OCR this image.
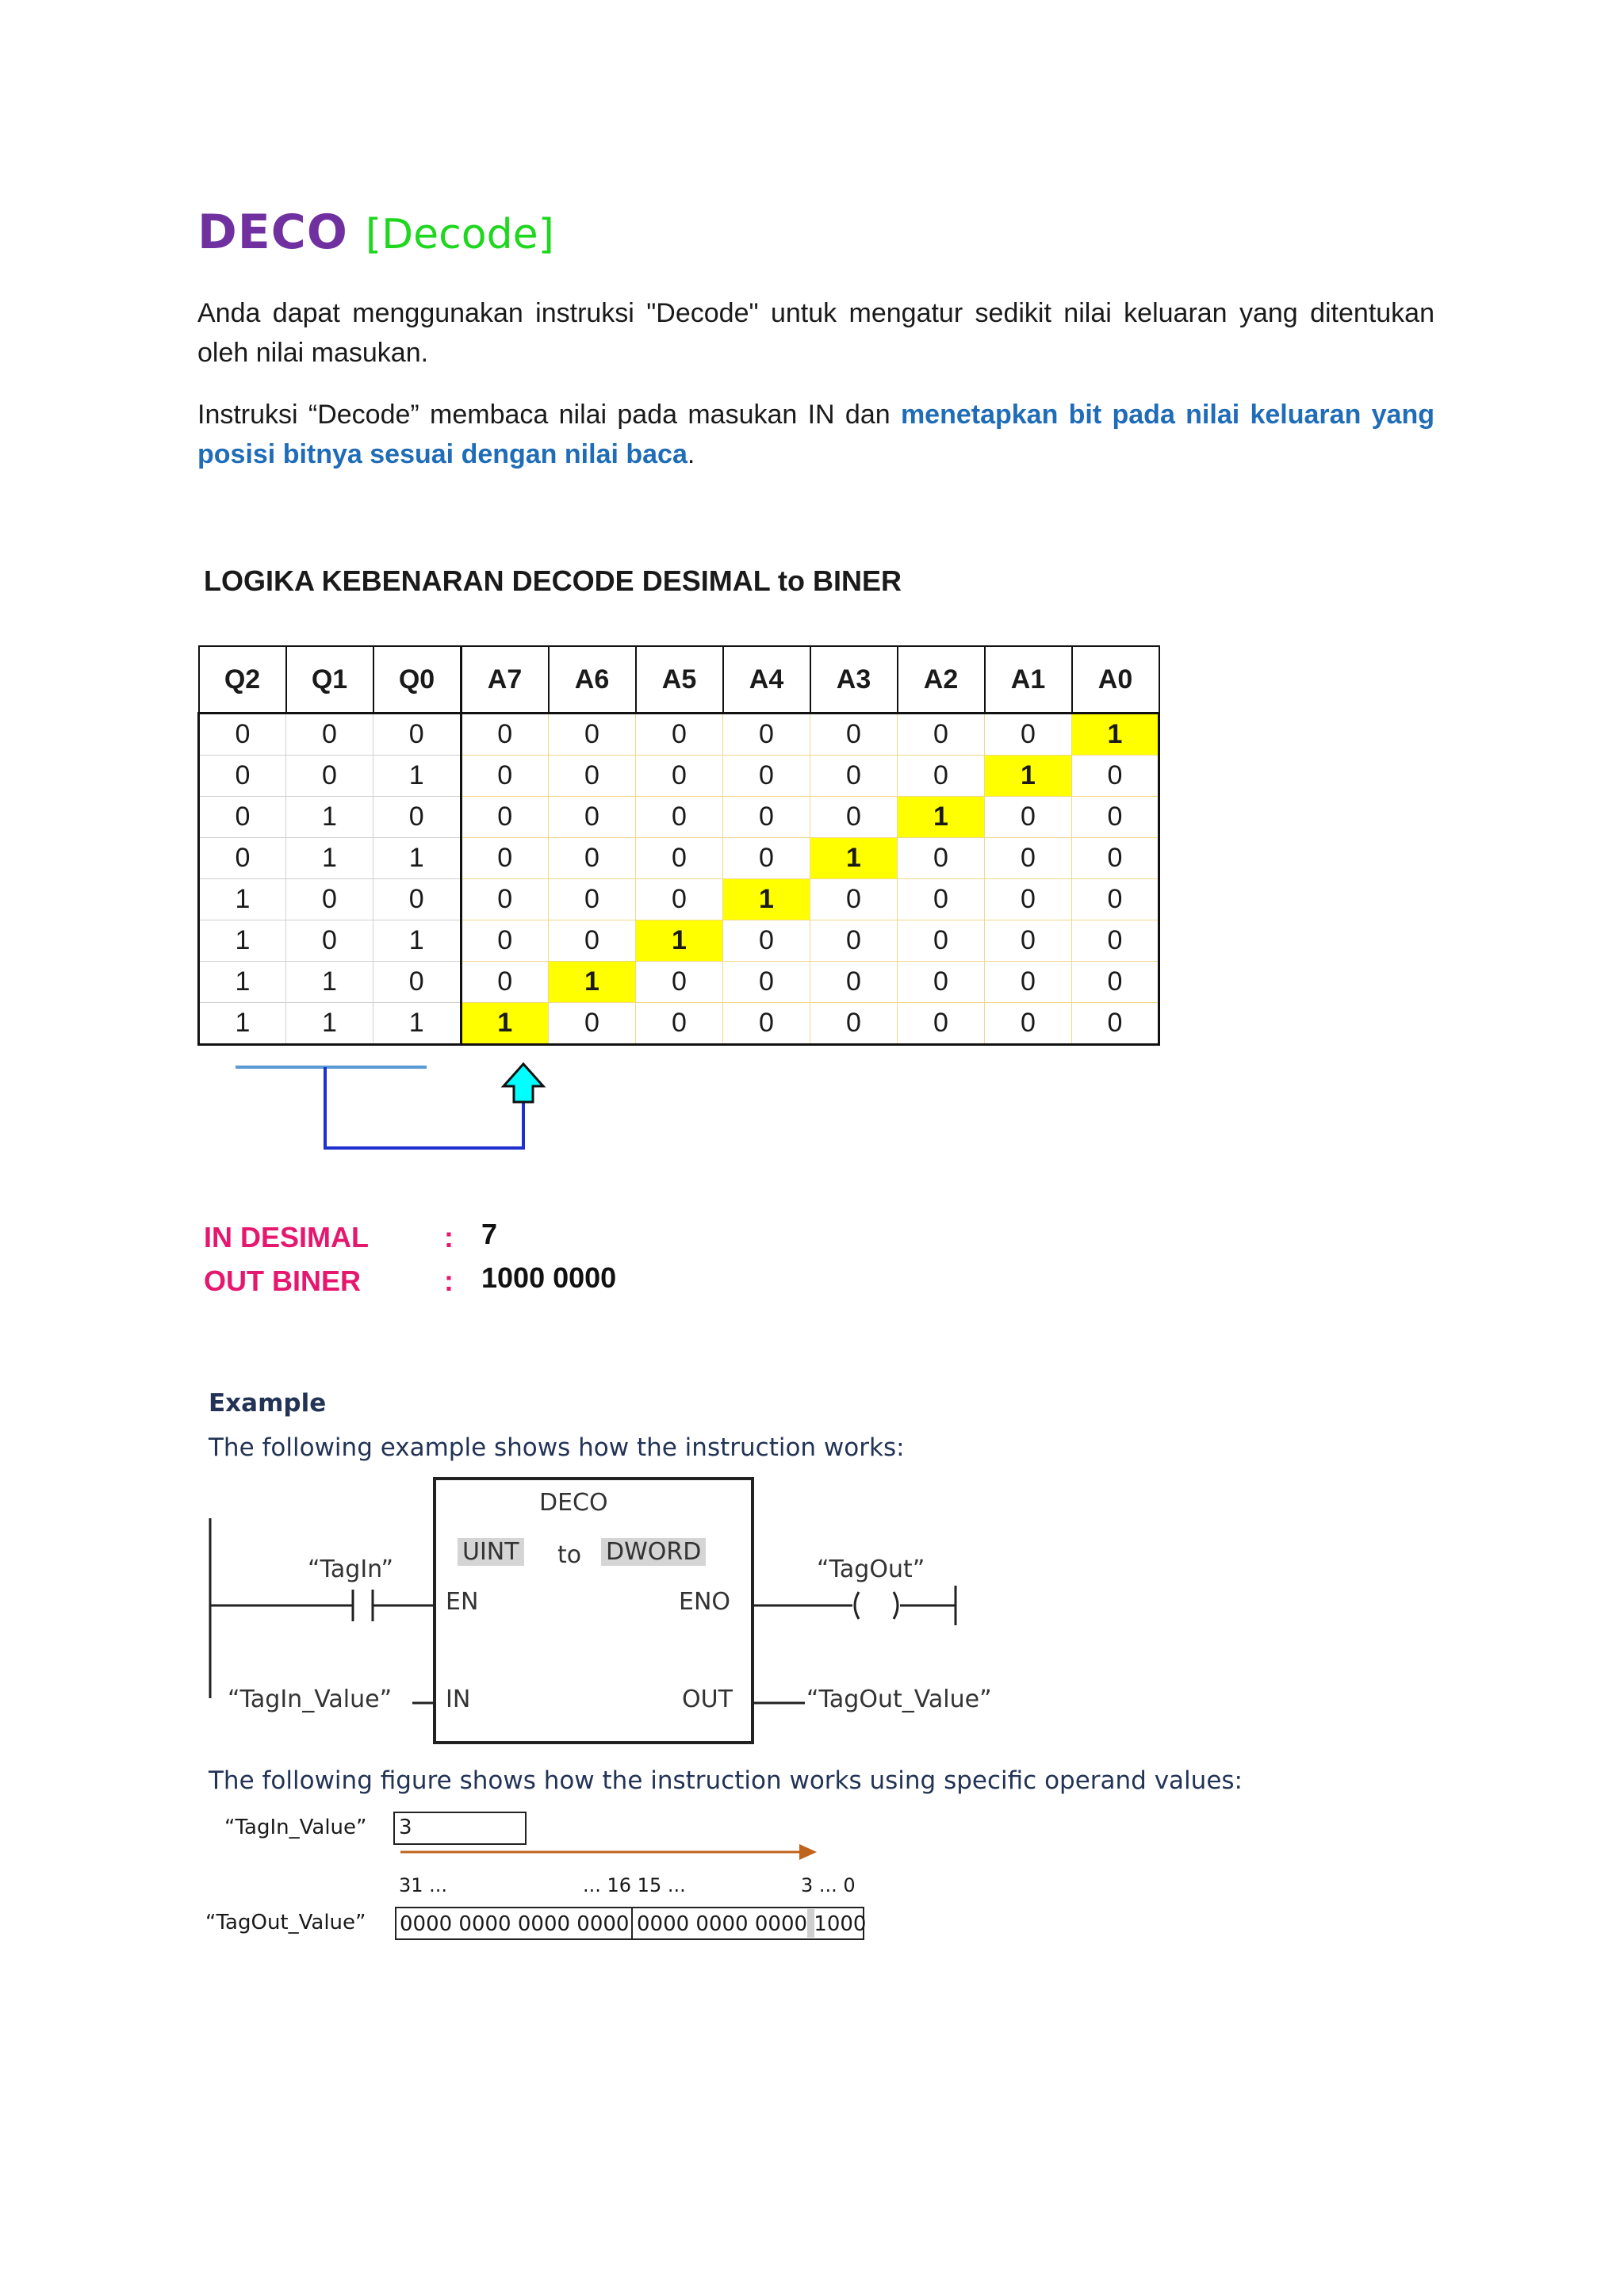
DECO [Decode]
Anda dapat menggunakan instruksi "Decode" untuk mengatur sedikit nilai keluaran yang ditentukan oleh nilai masukan.
Instruksi “Decode” membaca nilai pada masukan IN dan menetapkan bit pada nilai keluaran yang posisi bitnya sesuai dengan nilai baca.
LOGIKA KEBENARAN DECODE DESIMAL to BINER
Q2	Q1	Q0	A7	A6	A5	A4	A3	A2	A1	A0
0	0	0	0	0	0	0	0	0	0	1
0	0	1	0	0	0	0	0	0	1	0
0	1	0	0	0	0	0	0	1	0	0
0	1	1	0	0	0	0	1	0	0	0
1	0	0	0	0	0	1	0	0	0	0
1	0	1	0	0	1	0	0	0	0	0
1	1	0	0	1	0	0	0	0	0	0
1	1	1	1	0	0	0	0	0	0	0
IN DESIMAL	: 7
OUT BINER	: 1000 0000
Example
The following example shows how the instruction works:
DECO
UINT to DWORD
EN	ENO
IN	OUT
“TagIn”
“TagIn_Value”
“TagOut”
“TagOut_Value”
The following figure shows how the instruction works using specific operand values:
“TagIn_Value” 3
31 ...	... 16 15 ...	3 ... 0
“TagOut_Value” 0000 0000 0000 0000 0000 0000 0000 1000
